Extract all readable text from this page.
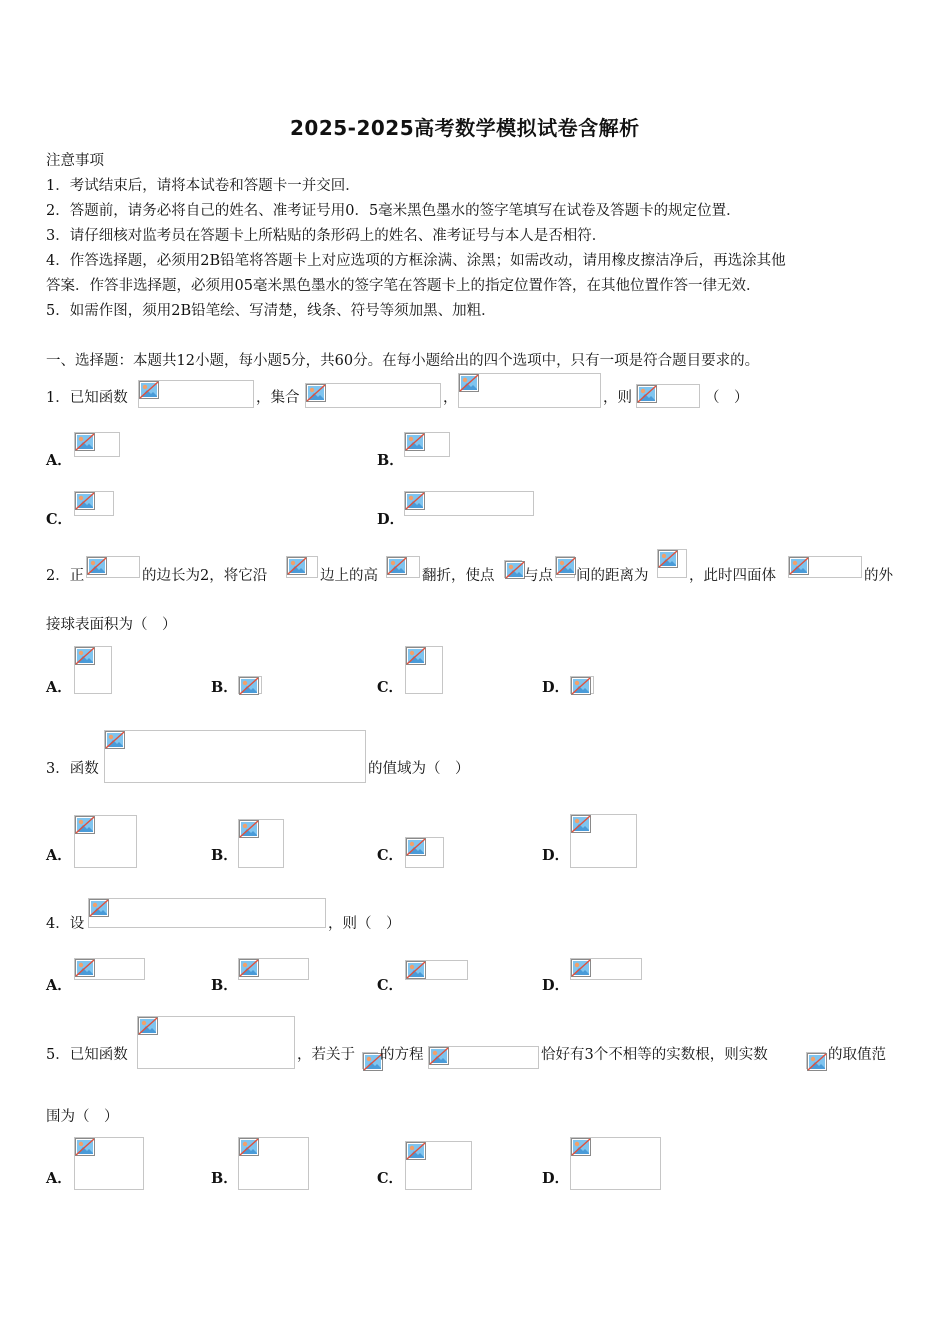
2025-2025高考数学模拟试卷含解析
注意事项
1．考试结束后，请将本试卷和答题卡一并交回．
2．答题前，请务必将自己的姓名、准考证号用0．5毫米黑色墨水的签字笔填写在试卷及答题卡的规定位置．
3．请仔细核对监考员在答题卡上所粘贴的条形码上的姓名、准考证号与本人是否相符．
4．作答选择题，必须用2B铅笔将答题卡上对应选项的方框涂满、涂黑；如需改动，请用橡皮擦洁净后，再选涂其他
答案．作答非选择题，必须用05毫米黑色墨水的签字笔在答题卡上的指定位置作答，在其他位置作答一律无效．
5．如需作图，须用2B铅笔绘、写清楚，线条、符号等须加黑、加粗．
一、选择题：本题共12小题，每小题5分，共60分。在每小题给出的四个选项中，只有一项是符合题目要求的。
1．已知函数	，集合	，	，则	（　）
A．	B．
C．	D．
2．正	的边长为2，将它沿	边上的高	翻折，使点 与点 间的距离为	，此时四面体	的外
接球表面积为（　）
A．	B．	C．	D．
3．函数	的值域为（　）
A．	B．	C．	D．
4．设	，则（　）
A．	B．	C．	D．
5．已知函数	，若关于 的方程	恰好有3个不相等的实数根，则实数	的取值范
围为（　）
A．	B．	C．	D．
